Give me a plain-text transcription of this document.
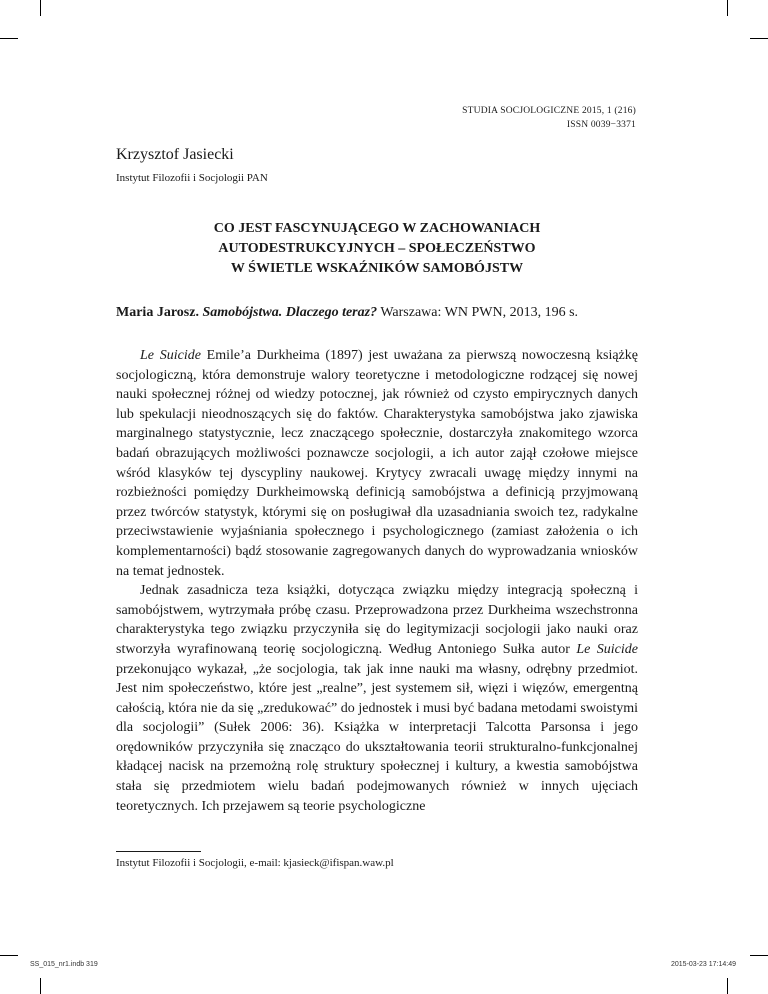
STUDIA SOCJOLOGICZNE 2015, 1 (216)
ISSN 0039−3371
Krzysztof Jasiecki
Instytut Filozofii i Socjologii PAN
CO JEST FASCYNUJĄCEGO W ZACHOWANIACH
AUTODESTRUKCYJNYCH – SPOŁECZEŃSTWO
W ŚWIETLE WSKAŹNIKÓW SAMOBÓJSTW
Maria Jarosz. Samobójstwa. Dlaczego teraz? Warszawa: WN PWN, 2013, 196 s.

Le Suicide Emile’a Durkheima (1897) jest uważana za pierwszą nowoczesną książkę socjologiczną, która demonstruje walory teoretyczne i metodologiczne rodzącej się nowej nauki społecznej różnej od wiedzy potocznej, jak również od czysto empirycznych danych lub spekulacji nieodnoszących się do faktów. Charakterystyka samobójstwa jako zjawiska marginalnego statystycznie, lecz znaczącego społecznie, dostarczyła znakomitego wzorca badań obrazujących możliwości poznawcze socjologii, a ich autor zajął czołowe miejsce wśród klasyków tej dyscypliny naukowej. Krytycy zwracali uwagę między innymi na rozbieżności pomiędzy Durkheimowską definicją samobójstwa a definicją przyjmowaną przez twórców statystyk, którymi się on posługiwał dla uzasadniania swoich tez, radykalne przeciwstawienie wyjaśniania społecznego i psychologicznego (zamiast założenia o ich komplementarności) bądź stosowanie zagregowanych danych do wyprowadzania wniosków na temat jednostek.

Jednak zasadnicza teza książki, dotycząca związku między integracją społeczną i samobójstwem, wytrzymała próbę czasu. Przeprowadzona przez Durkheima wszechstronna charakterystyka tego związku przyczyniła się do legitymizacji socjologii jako nauki oraz stworzyła wyrafinowaną teorię socjologiczną. Według Antoniego Sułka autor Le Suicide przekonująco wykazał, „że socjologia, tak jak inne nauki ma własny, odrębny przedmiot. Jest nim społeczeństwo, które jest „realne”, jest systemem sił, więzi i więzów, emergentną całością, która nie da się „zredukować” do jednostek i musi być badana metodami swoistymi dla socjologii” (Sułek 2006: 36). Książka w interpretacji Talcotta Parsonsa i jego orędowników przyczyniła się znacząco do ukształtowania teorii strukturalno-funkcjonalnej kładącej nacisk na przemożną rolę struktury społecznej i kultury, a kwestia samobójstwa stała się przedmiotem wielu badań podejmowanych również w innych ujęciach teoretycznych. Ich przejawem są teorie psychologiczne

Instytut Filozofii i Socjologii, e-mail: kjasieck@ifispan.waw.pl
SS_015_nr1.indb 319	2015-03-23 17:14:49
